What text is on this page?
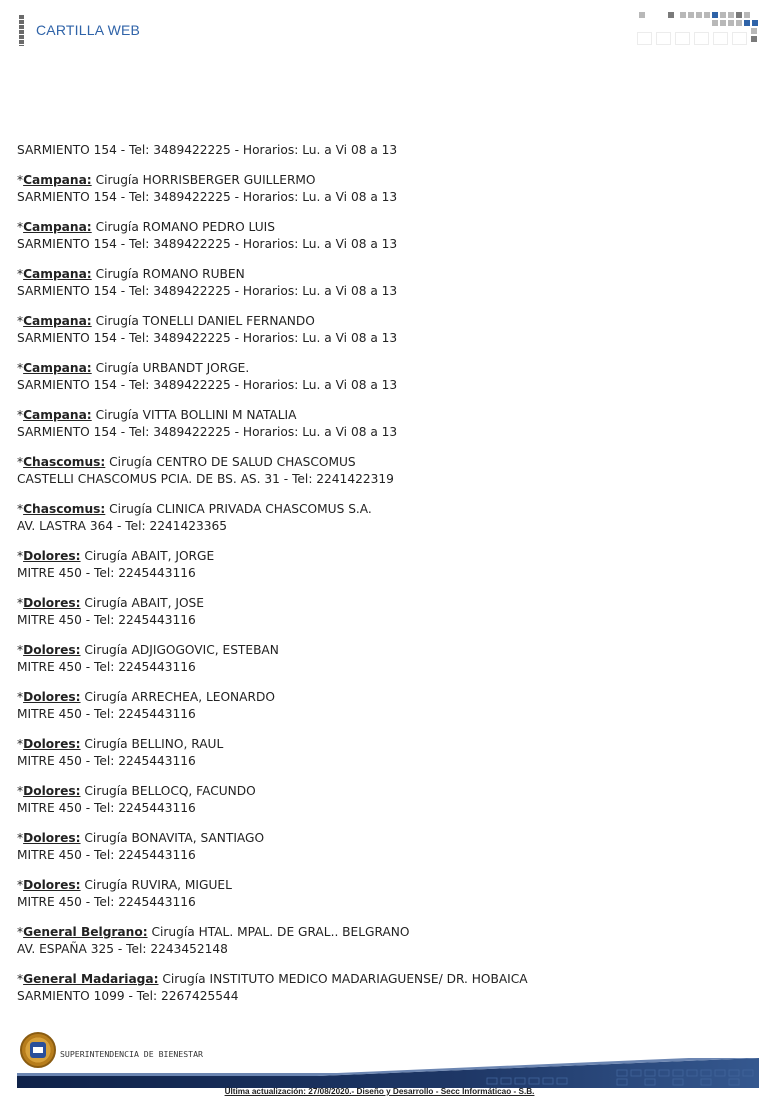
CARTILLA WEB
SARMIENTO 154 - Tel: 3489422225 - Horarios: Lu. a Vi 08 a 13
*Campana: Cirugía HORRISBERGER GUILLERMO
SARMIENTO 154 - Tel: 3489422225 - Horarios: Lu. a Vi 08 a 13
*Campana: Cirugía ROMANO PEDRO LUIS
SARMIENTO 154 - Tel: 3489422225 - Horarios: Lu. a Vi 08 a 13
*Campana: Cirugía ROMANO RUBEN
SARMIENTO 154 - Tel: 3489422225 - Horarios: Lu. a Vi 08 a 13
*Campana: Cirugía TONELLI DANIEL FERNANDO
SARMIENTO 154 - Tel: 3489422225 - Horarios: Lu. a Vi 08 a 13
*Campana: Cirugía URBANDT JORGE.
SARMIENTO 154 - Tel: 3489422225 - Horarios: Lu. a Vi 08 a 13
*Campana: Cirugía VITTA BOLLINI M NATALIA
SARMIENTO 154 - Tel: 3489422225 - Horarios: Lu. a Vi 08 a 13
*Chascomus: Cirugía CENTRO DE SALUD CHASCOMUS
CASTELLI CHASCOMUS PCIA. DE BS. AS. 31 - Tel: 2241422319
*Chascomus: Cirugía CLINICA PRIVADA CHASCOMUS S.A.
AV. LASTRA 364 - Tel: 2241423365
*Dolores: Cirugía ABAIT, JORGE
MITRE 450 - Tel: 2245443116
*Dolores: Cirugía ABAIT, JOSE
MITRE 450 - Tel: 2245443116
*Dolores: Cirugía ADJIGOGOVIC, ESTEBAN
MITRE 450 - Tel: 2245443116
*Dolores: Cirugía ARRECHEA, LEONARDO
MITRE 450 - Tel: 2245443116
*Dolores: Cirugía BELLINO, RAUL
MITRE 450 - Tel: 2245443116
*Dolores: Cirugía BELLOCQ, FACUNDO
MITRE 450 - Tel: 2245443116
*Dolores: Cirugía BONAVITA, SANTIAGO
MITRE 450 - Tel: 2245443116
*Dolores: Cirugía RUVIRA, MIGUEL
MITRE 450 - Tel: 2245443116
*General Belgrano: Cirugía HTAL. MPAL. DE GRAL.. BELGRANO
AV. ESPAÑA 325 - Tel: 2243452148
*General Madariaga: Cirugía INSTITUTO MEDICO MADARIAGUENSE/ DR. HOBAICA
SARMIENTO 1099 - Tel: 2267425544
SUPERINTENDENCIA DE BIENESTAR
Última actualización: 27/08/2020.- Diseño y Desarrollo - Secc Informáticao - S.B.
